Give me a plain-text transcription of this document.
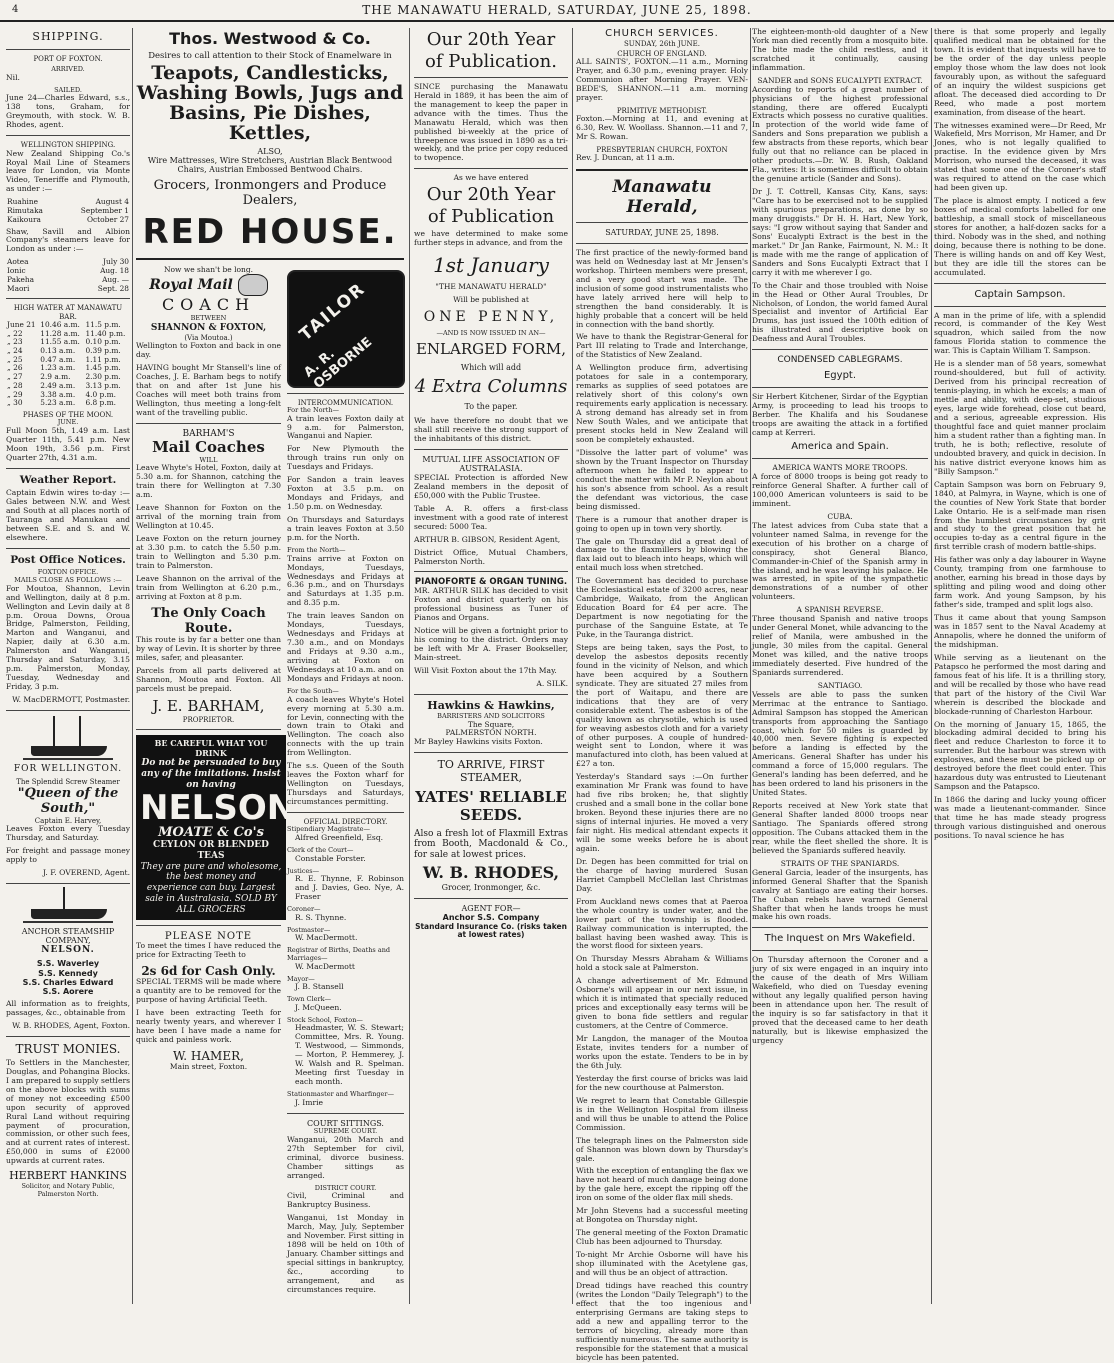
4	THE MANAWATU HERALD, SATURDAY, JUNE 25, 1898.
SHIPPING.
PORT OF FOXTON.
ARRIVED.

Nil.

SAILED.

June 24—Charles Edward, s.s., 138 tons, Graham, for Greymouth, with stock. W. B. Rhodes, agent.

WELLINGTON SHIPPING.

New Zealand Shipping Co.'s Royal Mail Line of Steamers leave for London, via Monte Video, Teneriffe and Plymouth, as under :—

Ruahine	August 4
Rimutaka	September 1
Kaikoura	October 27

Shaw, Savill and Albion Company's steamers leave for London as under :—

Aotea	July 30
Ionic	Aug. 18
Pakeha	Aug. —
Maori	Sept. 28
HIGH WATER AT MANAWATU BAR.
June 21	10.46 a.m.	11.5 p.m.
„ 22	11.28 a.m.	11.40 p.m.
„ 23	11.55 a.m.	0.10 p.m.
„ 24	0.13 a.m.	0.39 p.m.
„ 25	0.47 a.m.	1.11 p.m.
„ 26	1.23 a.m.	1.45 p.m.
„ 27	2.9 a.m.	2.30 p.m.
„ 28	2.49 a.m.	3.13 p.m.
„ 29	3.38 a.m.	4.0 p.m.
„ 30	5.23 a.m.	6.8 p.m.
PHASES OF THE MOON.
JUNE.

Full Moon 5th, 1.49 a.m. Last Quarter 11th, 5.41 p.m. New Moon 19th, 3.56 p.m. First Quarter 27th, 4.31 a.m.

Weather Report.

Captain Edwin wires to-day :—Gales between N.W. and West and South at all places north of Tauranga and Manukau and between S.E. and S. and W. elsewhere.

Post Office Notices.
FOXTON OFFICE.
MAILS CLOSE AS FOLLOWS :—

For Moutoa, Shannon, Levin and Wellington, daily at 8 p.m. Wellington and Levin daily at 8 p.m. Oroua Downs, Oroua Bridge, Palmerston, Feilding, Marton and Wanganui, and Napier, daily at 6.30 a.m. Palmerston and Wanganui, Thursday and Saturday, 3.15 p.m. Palmerston, Monday, Tuesday, Wednesday and Friday, 3 p.m.

W. MacDERMOTT, Postmaster.

FOR WELLINGTON.
The Splendid Screw Steamer
"Queen of the South,"
Captain E. Harvey,

Leaves Foxton every Tuesday Thursday, and Saturday.

For freight and passage money apply to

J. F. OVEREND, Agent.

ANCHOR STEAMSHIP COMPANY,
NELSON.
S.S. Waverley
S.S. Kennedy
S.S. Charles Edward
S.S. Aorere

All information as to freights, passages, &c., obtainable from

W. B. RHODES, Agent, Foxton.

TRUST MONIES.

To Settlers in the Manchester, Douglas, and Pohangina Blocks. I am prepared to supply settlers on the above blocks with sums of money not exceeding £500 upon security of approved Rural Land without requiring payment of procuration, commission, or other such fees, and at current rates of interest. £50,000 in sums of £2000 upwards at current rates.

HERBERT HANKINS
Solicitor, and Notary Public, Palmerston North.
Thos. Westwood & Co.
Desires to call attention to their Stock of Enamelware in
Teapots, Candlesticks, Washing Bowls, Jugs and Basins, Pie Dishes, Kettles,
ALSO,
Wire Mattresses, Wire Stretchers, Austrian Black Bentwood Chairs, Austrian Embossed Bentwood Chairs.
Grocers, Ironmongers and Produce Dealers,
RED HOUSE.
Now we shan't be long.
Royal Mail
COACH
BETWEEN
SHANNON & FOXTON,
(Via Moutoa.)

Wellington to Foxton and back in one day.

HAVING bought Mr Stansell's line of Coaches, J. E. Barham begs to notify that on and after 1st June his Coaches will meet both trains from Wellington, thus meeting a long-felt want of the travelling public.

BARHAM'S
Mail Coaches
WILL

Leave Whyte's Hotel, Foxton, daily at 5.30 a.m. for Shannon, catching the train there for Wellington at 7.30 a.m.

Leave Shannon for Foxton on the arrival of the morning train from Wellington at 10.45.

Leave Foxton on the return journey at 3.30 p.m. to catch the 5.50 p.m. train to Wellington and 5.30 p.m. train to Palmerston.

Leave Shannon on the arrival of the train from Wellington at 6.20 p.m., arriving at Foxton at 8 p.m.

The Only Coach Route.

This route is by far a better one than by way of Levin. It is shorter by three miles, safer, and pleasanter.

Parcels from all parts delivered at Shannon, Moutoa and Foxton. All parcels must be prepaid.

J. E. BARHAM,
PROPRIETOR.
BE CAREFUL WHAT YOU DRINK
Do not be persuaded to buy any of the imitations. Insist on having
NELSON
MOATE & Co's
CEYLON OR BLENDED TEAS
They are pure and wholesome, the best money and experience can buy. Largest sale in Australasia. SOLD BY ALL GROCERS
PLEASE NOTE

To meet the times I have reduced the price for Extracting Teeth to

2s 6d for Cash Only.

SPECIAL TERMS will be made where a quantity are to be removed for the purpose of having Artificial Teeth.

I have been extracting Teeth for nearly twenty years, and wherever I have been I have made a name for quick and painless work.

W. HAMER,
Main street, Foxton.
TAILOR
A. R. OSBORNE
INTERCOMMUNICATION.
For the North—

A train leaves Foxton daily at 9 a.m. for Palmerston, Wanganui and Napier.

For New Plymouth the through trains run only on Tuesdays and Fridays.

For Sandon a train leaves Foxton at 3.5 p.m. on Mondays and Fridays, and 1.50 p.m. on Wednesday.

On Thursdays and Saturdays a train leaves Foxton at 3.50 p.m. for the North.

From the North—

Trains arrive at Foxton on Mondays, Tuesdays, Wednesdays and Fridays at 6.36 p.m., and on Thursdays and Saturdays at 1.35 p.m. and 8.35 p.m.

The train leaves Sandon on Mondays, Tuesdays, Wednesdays and Fridays at 7.30 a.m., and on Mondays and Fridays at 9.30 a.m., arriving at Foxton on Wednesdays at 10 a.m. and on Mondays and Fridays at noon.

For the South—

A coach leaves Whyte's Hotel every morning at 5.30 a.m. for Levin, connecting with the down train to Otaki and Wellington. The coach also connects with the up train from Wellington.

The s.s. Queen of the South leaves the Foxton wharf for Wellington on Tuesdays, Thursdays and Saturdays, circumstances permitting.

OFFICIAL DIRECTORY.
Stipendiary Magistrate—

Alfred Greenfield, Esq.

Clerk of the Court—

Constable Forster.

Justices—

R. E. Thynne, F. Robinson and J. Davies, Geo. Nye, A. Fraser

Coroner—

R. S. Thynne.

Postmaster—

W. MacDermott.

Registrar of Births, Deaths and Marriages—

W. MacDermott

Mayor—

J. B. Stansell

Town Clerk—

J. McQueen.

Stock School, Foxton—

Headmaster, W. S. Stewart; Committee, Mrs. R. Young. T. Westwood, — Simmonds, — Morton, P. Hemmerey, J. W. Walsh and R. Spelman. Meeting first Tuesday in each month.

Stationmaster and Wharfinger—

J. Imrie

COURT SITTINGS.
SUPREME COURT.

Wanganui, 20th March and 27th September for civil, criminal, divorce business. Chamber sittings as arranged.

DISTRICT COURT.

Civil, Criminal and Bankruptcy Business.

Wanganui, 1st Monday in March, May, July, September and November. First sitting in 1898 will be held on 10th of January. Chamber sittings and special sittings in bankruptcy, &c., according to arrangement, and as circumstances require.

Our 20th Year
of Publication.

SINCE purchasing the Manawatu Herald in 1889, it has been the aim of the management to keep the paper in advance with the times. Thus the Manawatu Herald, which was then published bi-weekly at the price of threepence was issued in 1890 as a tri-weekly, and the price per copy reduced to twopence.

As we have entered
Our 20th Year
of Publication

we have determined to make some further steps in advance, and from the

1st January
"THE MANAWATU HERALD"
Will be published at
ONE PENNY,
—AND IS NOW ISSUED IN AN—
ENLARGED FORM,
Which will add
4 Extra Columns
To the paper.

We have therefore no doubt that we shall still receive the strong support of the inhabitants of this district.

MUTUAL LIFE ASSOCIATION OF AUSTRALASIA.

SPECIAL Protection is afforded New Zealand members in the deposit of £50,000 with the Public Trustee.

Table A. R. offers a first-class investment with a good rate of interest secured: 5000 Tea.

ARTHUR B. GIBSON, Resident Agent,

District Office, Mutual Chambers, Palmerston North.

PIANOFORTE & ORGAN TUNING.

MR. ARTHUR SILK has decided to visit Foxton and district quarterly on his professional business as Tuner of Pianos and Organs.

Notice will be given a fortnight prior to his coming to the district. Orders may be left with Mr A. Fraser Bookseller, Main-street.

Will Visit Foxton about the 17th May.

A. SILK.

Hawkins & Hawkins,
BARRISTERS AND SOLICITORS
The Square,
PALMERSTON NORTH.

Mr Bayley Hawkins visits Foxton.

TO ARRIVE, FIRST STEAMER,
YATES' RELIABLE SEEDS.

Also a fresh lot of Flaxmill Extras from Booth, Macdonald & Co., for sale at lowest prices.

W. B. RHODES,
Grocer, Ironmonger, &c.
AGENT FOR—
Anchor S.S. Company
Standard Insurance Co. (risks taken at lowest rates)
CHURCH SERVICES.
SUNDAY, 26th JUNE.
CHURCH OF ENGLAND.

ALL SAINTS', FOXTON.—11 a.m., Morning Prayer, and 6.30 p.m., evening prayer. Holy Communion after Morning Prayer. VEN-BEDE'S, SHANNON.—11 a.m. morning prayer.

PRIMITIVE METHODIST.

Foxton.—Morning at 11, and evening at 6.30, Rev. W. Woollass. Shannon.—11 and 7, Mr S. Rowan.

PRESBYTERIAN CHURCH, FOXTON

Rev. J. Duncan, at 11 a.m.

Manawatu Herald,
SATURDAY, JUNE 25, 1898.

The first practice of the newly-formed band was held on Wednesday last at Mr Jensen's workshop. Thirteen members were present, and a very good start was made. The inclusion of some good instrumentalists who have lately arrived here will help to strengthen the band considerably. It is highly probable that a concert will be held in connection with the band shortly.

We have to thank the Registrar-General for Part III relating to Trade and Interchange, of the Statistics of New Zealand.

A Wellington produce firm, advertising potatoes for sale in a contemporary, remarks as supplies of seed potatoes are relatively short of this colony's own requirements early application is necessary. A strong demand has already set in from New South Wales, and we anticipate that present stocks held in New Zealand will soon be completely exhausted.

"Dissolve the latter part of volume" was shown by the Truant Inspector on Thursday afternoon when he failed to appear to conduct the matter with Mr P. Neylon about his son's absence from school. As a result the defendant was victorious, the case being dismissed.

There is a rumour that another draper is going to open up in town very shortly.

The gale on Thursday did a great deal of damage to the flaxmillers by blowing the flax laid out to bleach into heaps, which will entail much loss when stretched.

The Government has decided to purchase the Ecclesiastical estate of 3200 acres, near Cambridge, Waikato, from the Anglican Education Board for £4 per acre. The Department is now negotiating for the purchase of the Sanguine Estate, at Te Puke, in the Tauranga district.

Steps are being taken, says the Post, to develop the asbestos deposits recently found in the vicinity of Nelson, and which have been acquired by a Southern syndicate. They are situated 27 miles from the port of Waitapu, and there are indications that they are of very considerable extent. The asbestos is of the quality known as chrysotile, which is used for weaving asbestos cloth and for a variety of other purposes. A couple of hundred-weight sent to London, where it was manufactured into cloth, has been valued at £27 a ton.

Yesterday's Standard says :—On further examination Mr Frank was found to have had five ribs broken; he, that slightly crushed and a small bone in the collar bone broken. Beyond these injuries there are no signs of internal injuries. He moved a very fair night. His medical attendant expects it will be some weeks before he is about again.

Dr. Degen has been committed for trial on the charge of having murdered Susan Harriet Campbell McClellan last Christmas Day.

From Auckland news comes that at Paeroa the whole country is under water, and the lower part of the township is flooded. Railway communication is interrupted, the ballast having been washed away. This is the worst flood for sixteen years.

On Thursday Messrs Abraham & Williams hold a stock sale at Palmerston.

A change advertisement of Mr. Edmund Osborne's will appear in our next issue, in which it is intimated that specially reduced prices and exceptionally easy terms will be given to bona fide settlers and regular customers, at the Centre of Commerce.

Mr Langdon, the manager of the Moutoa Estate, invites tenders for a number of works upon the estate. Tenders to be in by the 6th July.

Yesterday the first course of bricks was laid for the new courthouse at Palmerston.

We regret to learn that Constable Gillespie is in the Wellington Hospital from illness and will thus be unable to attend the Police Commission.

The telegraph lines on the Palmerston side of Shannon was blown down by Thursday's gale.

With the exception of entangling the flax we have not heard of much damage being done by the gale here, except the ripping off the iron on some of the older flax mill sheds.

Mr John Stevens had a successful meeting at Bongotea on Thursday night.

The general meeting of the Foxton Dramatic Club has been adjourned to Thursday.

To-night Mr Archie Osborne will have his shop illuminated with the Acetylene gas, and will thus be an object of attraction.

Dread tidings have reached this country (writes the London "Daily Telegraph") to the effect that the too ingenious and enterprising Germans are taking steps to add a new and appalling terror to the terrors of bicycling, already more than sufficiently numerous. The same authority is responsible for the statement that a musical bicycle has been patented.

The eighteen-month-old daughter of a New York man died recently from a mosquito bite. The bite made the child restless, and it scratched it continually, causing inflammation.

SANDER and SONS EUCALYPTI EXTRACT.

According to reports of a great number of physicians of the highest professional standing, there are offered Eucalypti Extracts which possess no curative qualities. In protection of the world wide fame of Sanders and Sons preparation we publish a few abstracts from these reports, which bear fully out that no reliance can be placed in other products.—Dr. W. B. Rush, Oakland Fla., writes: It is sometimes difficult to obtain the genuine article (Sander and Sons).

Dr J. T. Cottrell, Kansas City, Kans, says: "Care has to be exercised not to be supplied with spurious preparations, as done by so many druggists." Dr H. H. Hart, New York, says: "I grow without saying that Sander and Sons' Eucalypti Extract is the best in the market." Dr Jan Ranke, Fairmount, N. M.: It is made with me the range of application of Sanders and Sons Eucalypti Extract that I carry it with me wherever I go.

To the Chair and those troubled with Noise in the Head or Other Aural Troubles, Dr Nicholson, of London, the world famed Aural Specialist and inventor of Artificial Ear Drums, has just issued the 100th edition of his illustrated and descriptive book on Deafness and Aural Troubles.

CONDENSED CABLEGRAMS.
Egypt.

Sir Herbert Kitchener, Sirdar of the Egyptian Army, is proceeding to lead his troops to Berber. The Khalifa and his Soudanese troops are awaiting the attack in a fortified camp at Kerreri.

America and Spain.
AMERICA WANTS MORE TROOPS.

A force of 8000 troops is being got ready to reinforce General Shafter. A further call of 100,000 American volunteers is said to be imminent.

CUBA.

The latest advices from Cuba state that a volunteer named Salma, in revenge for the execution of his brother on a charge of conspiracy, shot General Blanco, Commander-in-Chief of the Spanish army in the island, and he was leaving his palace. He was arrested, in spite of the sympathetic demonstrations of a number of other volunteers.

A SPANISH REVERSE.

Three thousand Spanish and native troops under General Monet, while advancing to the relief of Manila, were ambushed in the jungle, 30 miles from the capital. General Monet was killed, and the native troops immediately deserted. Five hundred of the Spaniards surrendered.

SANTIAGO.

Vessels are able to pass the sunken Merrimac at the entrance to Santiago. Admiral Sampson has stopped the American transports from approaching the Santiago coast, which for 50 miles is guarded by 40,000 men. Severe fighting is expected before a landing is effected by the Americans. General Shafter has under his command a force of 15,000 regulars. The General's landing has been deferred, and he has been ordered to land his prisoners in the United States.

Reports received at New York state that General Shafter landed 8000 troops near Santiago. The Spaniards offered strong opposition. The Cubans attacked them in the rear, while the fleet shelled the shore. It is believed the Spaniards suffered heavily.

STRAITS OF THE SPANIARDS.

General Garcia, leader of the insurgents, has informed General Shafter that the Spanish cavalry at Santiago are eating their horses. The Cuban rebels have warned General Shafter that when he lands troops he must make his own roads.

The Inquest on Mrs Wakefield.

On Thursday afternoon the Coroner and a jury of six were engaged in an inquiry into the cause of the death of Mrs William Wakefield, who died on Tuesday evening without any legally qualified person having been in attendance upon her. The result of the inquiry is so far satisfactory in that it proved that the deceased came to her death naturally, but is likewise emphasized the urgency

there is that some properly and legally qualified medical man be obtained for the town. It is evident that inquests will have to be the order of the day unless people employ those whom the law does not look favourably upon, as without the safeguard of an inquiry the wildest suspicions get afloat. The deceased died according to Dr Reed, who made a post mortem examination, from disease of the heart.

The witnesses examined were—Dr Reed, Mr Wakefield, Mrs Morrison, Mr Hamer, and Dr Jones, who is not legally qualified to practise. In the evidence given by Mrs Morrison, who nursed the deceased, it was stated that some one of the Coroner's staff was required to attend on the case which had been given up.

The place is almost empty. I noticed a few boxes of medical comforts labelled for one battleship, a small stock of miscellaneous stores for another, a half-dozen sacks for a third. Nobody was in the shed, and nothing doing, because there is nothing to be done. There is willing hands on and off Key West, but they are idle till the stores can be accumulated.

Captain Sampson.

A man in the prime of life, with a splendid record, is commander of the Key West squadron, which sailed from the now famous Florida station to commence the war. This is Captain William T. Sampson.

He is a slender man of 58 years, somewhat round-shouldered, but full of activity. Derived from his principal recreation of tennis-playing, in which he excels; a man of mettle and ability, with deep-set, studious eyes, large wide forehead, close cut beard, and a serious, agreeable expression. His thoughtful face and quiet manner proclaim him a student rather than a fighting man. In truth, he is both; reflective, resolute of undoubted bravery, and quick in decision. In his native district everyone knows him as "Billy Sampson."

Captain Sampson was born on February 9, 1840, at Palmyra, in Wayne, which is one of the counties of New York State that border Lake Ontario. He is a self-made man risen from the humblest circumstances by grit and study to the great position that he occupies to-day as a central figure in the first terrible crash of modern battle-ships.

His father was only a day labourer in Wayne County, tramping from one farmhouse to another, earning his bread in those days by splitting and piling wood and doing other farm work. And young Sampson, by his father's side, tramped and split logs also.

Thus it came about that young Sampson was in 1857 sent to the Naval Academy at Annapolis, where he donned the uniform of the midshipman.

While serving as a lieutenant on the Patapsco he performed the most daring and famous feat of his life. It is a thrilling story, and will be recalled by those who have read that part of the history of the Civil War wherein is described the blockade and blockade-running of Charleston Harbour.

On the morning of January 15, 1865, the blockading admiral decided to bring his fleet and reduce Charleston to force it to surrender. But the harbour was strewn with explosives, and these must be picked up or destroyed before the fleet could enter. This hazardous duty was entrusted to Lieutenant Sampson and the Patapsco.

In 1866 the daring and lucky young officer was made a lieutenant-commander. Since that time he has made steady progress through various distinguished and onerous positions. To naval science he has
